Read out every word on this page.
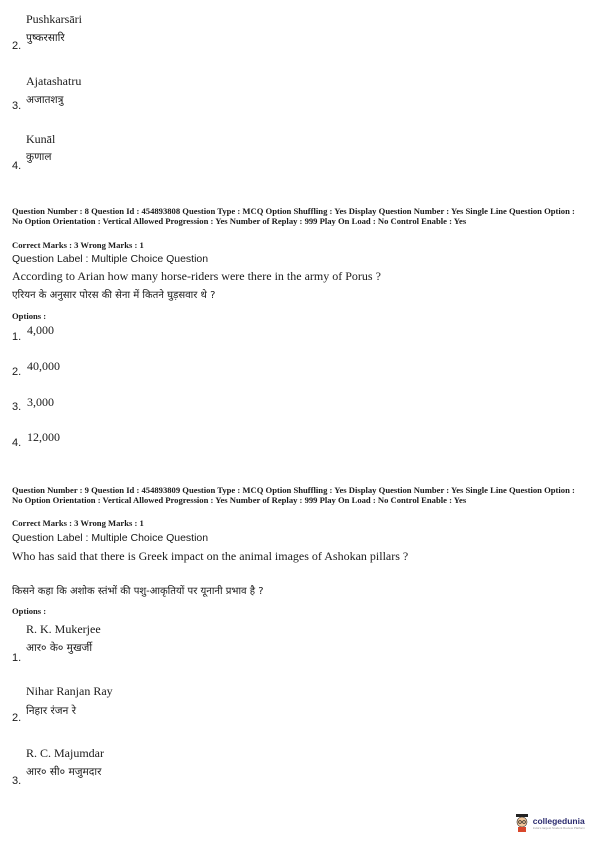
Pushkarsāri
पुष्करसारि
2.
Ajatashatru
अजातशत्रु
3.
Kunāl
कुणाल
4.
Question Number : 8 Question Id : 454893808 Question Type : MCQ Option Shuffling : Yes Display Question Number : Yes Single Line Question Option : No Option Orientation : Vertical Allowed Progression : Yes Number of Replay : 999 Play On Load : No Control Enable : Yes
Correct Marks : 3 Wrong Marks : 1
Question Label : Multiple Choice Question
According to Arian how many horse-riders were there in the army of Porus ?
एरियन के अनुसार पोरस की सेना में कितने घुड़सवार थे ?
Options :
1. 4,000
2. 40,000
3. 3,000
4. 12,000
Question Number : 9 Question Id : 454893809 Question Type : MCQ Option Shuffling : Yes Display Question Number : Yes Single Line Question Option : No Option Orientation : Vertical Allowed Progression : Yes Number of Replay : 999 Play On Load : No Control Enable : Yes
Correct Marks : 3 Wrong Marks : 1
Question Label : Multiple Choice Question
Who has said that there is Greek impact on the animal images of Ashokan pillars ?
किसने कहा कि अशोक स्तंभों की पशु-आकृतियों पर यूनानी प्रभाव है ?
Options :
R. K. Mukerjee
आर० के० मुखर्जी
1.
Nihar Ranjan Ray
निहार रंजन रे
2.
R. C. Majumdar
आर० सी० मजुमदार
3.
collegedunia
India's largest Student Review Platform
